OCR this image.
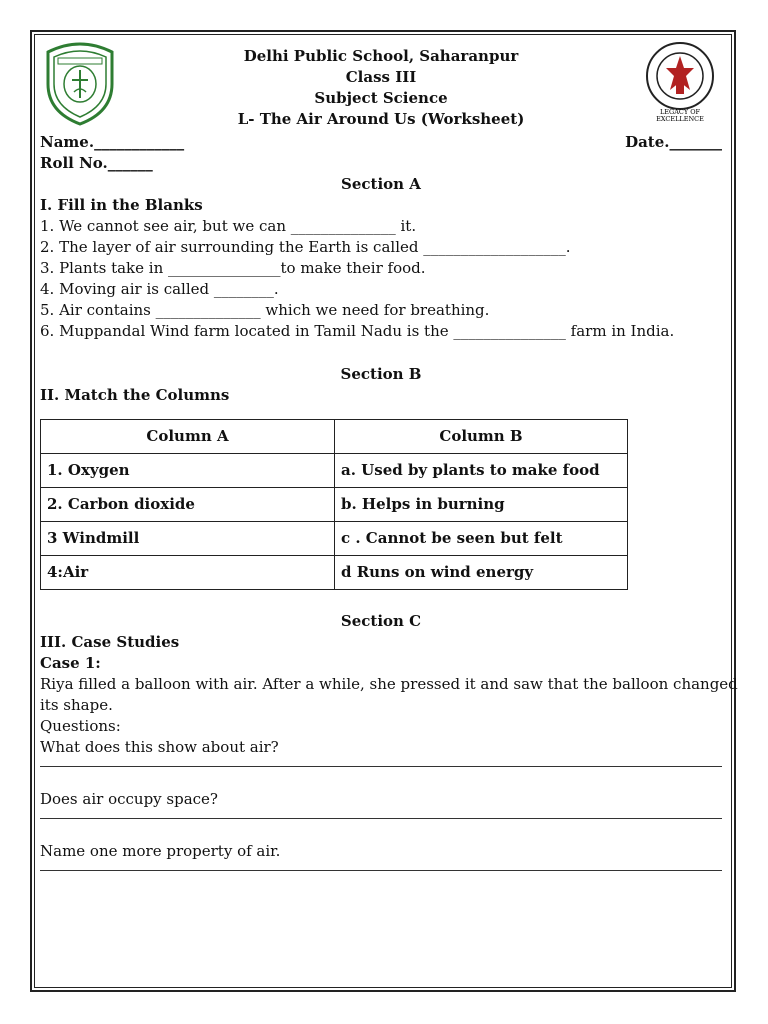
Delhi Public School, Saharanpur
Class III
Subject Science
L- The Air Around Us (Worksheet)	LEGACY OF
EXCELLENCE
Name.____________	Date._______
Roll No.______
Section A
I. Fill in the Blanks
1. We cannot see air, but we can ______________ it.
2. The layer of air surrounding the Earth is called ___________________.
3. Plants take in _______________to make their food.
4. Moving air is called ________.
5. Air contains ______________ which we need for breathing.
6. Muppandal Wind farm located in Tamil Nadu is the _______________ farm in India.
Section B
II. Match the Columns
Column A	Column B
1. Oxygen	a. Used by plants to make food
2. Carbon dioxide	b. Helps in burning
3 Windmill	c . Cannot be seen but felt
4:Air	d Runs on wind energy
Section C
III. Case Studies
Case 1:
Riya filled a balloon with air. After a while, she pressed it and saw that the balloon changed
its shape.
Questions:
What does this show about air?
Does air occupy space?
Name one more property of air.
